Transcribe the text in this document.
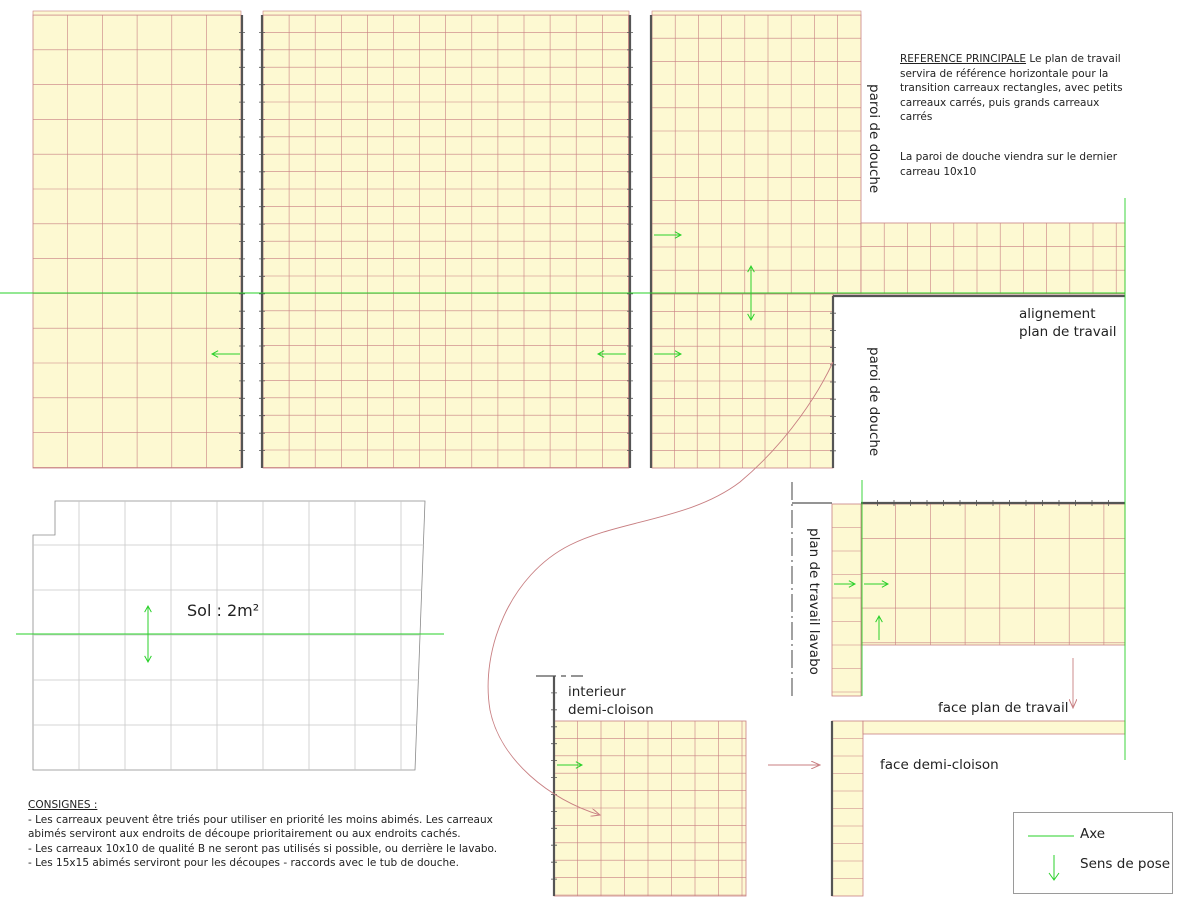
REFERENCE PRINCIPALE Le plan de travail servira de référence horizontale pour la transition carreaux rectangles, avec petits carreaux carrés, puis grands carreaux carrés
La paroi de douche viendra sur le dernier carreau 10x10
paroi de douche
paroi de douche
plan de travail lavabo
alignement
plan de travail
interieur
demi-cloison	face plan de travail
face demi-cloison
Sol : 2m²
CONSIGNES :
- Les carreaux peuvent être triés pour utiliser en priorité les moins abimés. Les carreaux
abimés serviront aux endroits de découpe prioritairement ou aux endroits cachés.
- Les carreaux 10x10 de qualité B ne seront pas utilisés si possible, ou derrière le lavabo.
- Les 15x15 abimés serviront pour les découpes - raccords avec le tub de douche.
Axe
Sens de pose
